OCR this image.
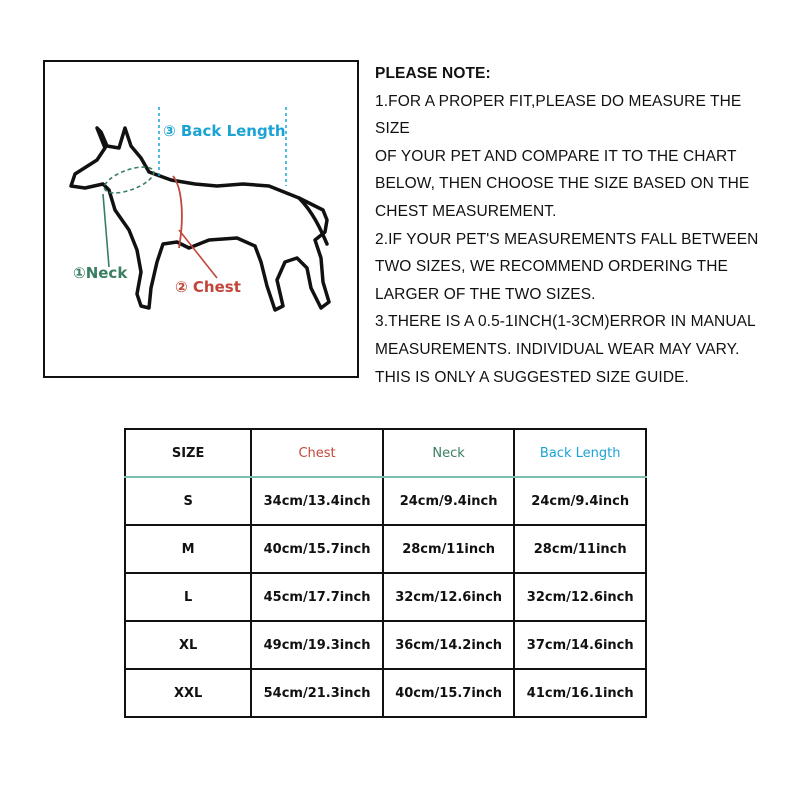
③ Back Length
①Neck
② Chest

PLEASE NOTE:

1.FOR A PROPER FIT,PLEASE DO MEASURE THE SIZE

OF YOUR PET AND COMPARE IT TO THE CHART

BELOW, THEN CHOOSE THE SIZE BASED ON THE

CHEST MEASUREMENT.

2.IF YOUR PET'S MEASUREMENTS FALL BETWEEN

TWO SIZES, WE RECOMMEND ORDERING THE

LARGER OF THE TWO SIZES.

3.THERE IS A 0.5-1INCH(1-3CM)ERROR IN MANUAL

MEASUREMENTS. INDIVIDUAL WEAR MAY VARY.

THIS IS ONLY A SUGGESTED SIZE GUIDE.

SIZE	Chest	Neck	Back Length
S	34cm/13.4inch	24cm/9.4inch	24cm/9.4inch
M	40cm/15.7inch	28cm/11inch	28cm/11inch
L	45cm/17.7inch	32cm/12.6inch	32cm/12.6inch
XL	49cm/19.3inch	36cm/14.2inch	37cm/14.6inch
XXL	54cm/21.3inch	40cm/15.7inch	41cm/16.1inch
